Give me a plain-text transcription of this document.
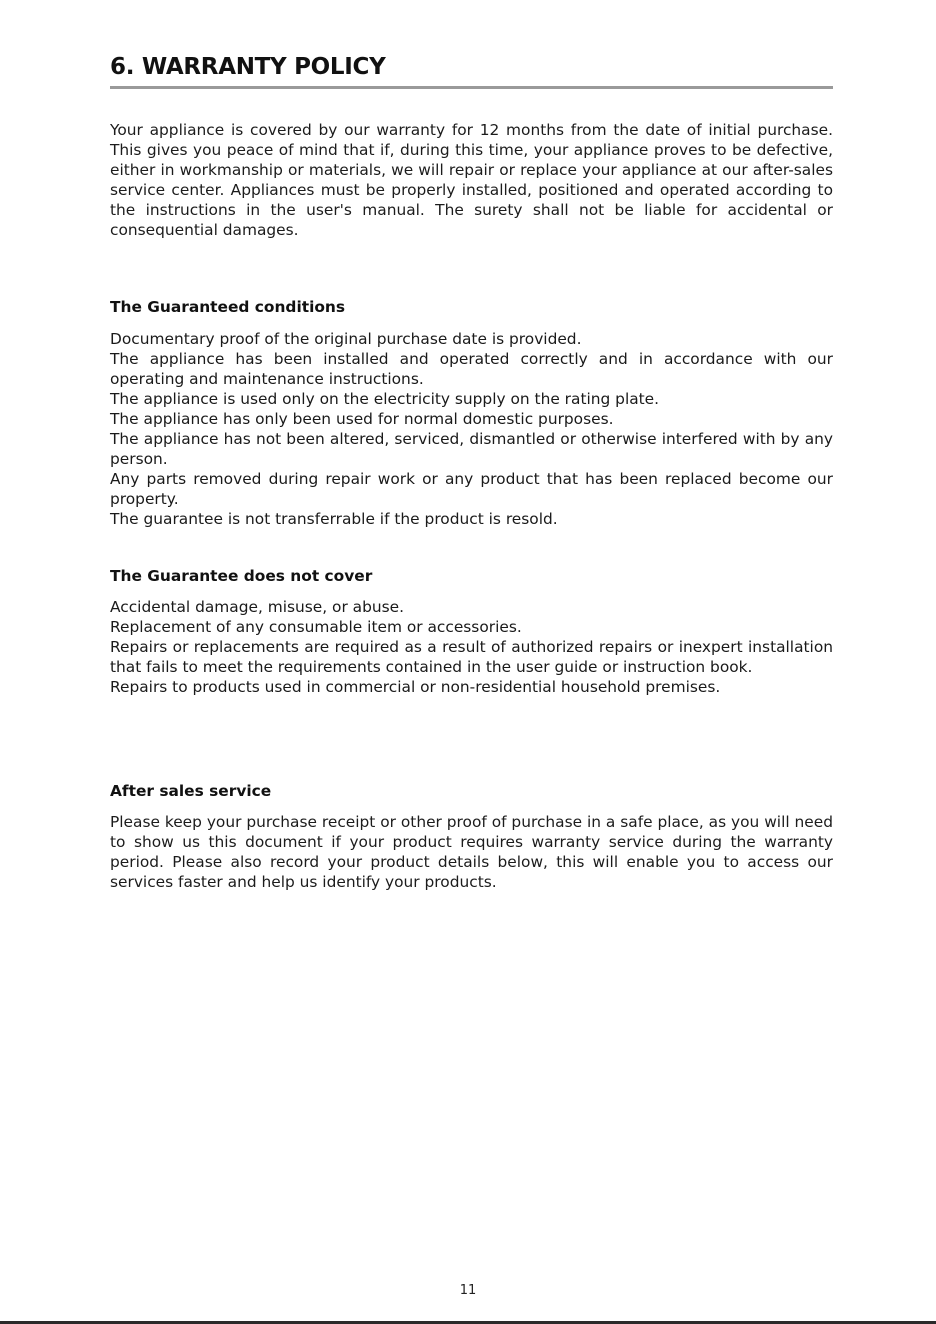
6. WARRANTY POLICY

Your appliance is covered by our warranty for 12 months from the date of initial purchase. This gives you peace of mind that if, during this time, your appliance proves to be defective, either in workmanship or materials, we will repair or replace your appliance at our after-sales service center. Appliances must be properly installed, positioned and operated according to the instructions in the user's manual. The surety shall not be liable for accidental or consequential damages.

The Guaranteed conditions
Documentary proof of the original purchase date is provided.
The appliance has been installed and operated correctly and in accordance with our operating and maintenance instructions.
The appliance is used only on the electricity supply on the rating plate.
The appliance has only been used for normal domestic purposes.
The appliance has not been altered, serviced, dismantled or otherwise interfered with by any person.
Any parts removed during repair work or any product that has been replaced become our property.
The guarantee is not transferrable if the product is resold.
The Guarantee does not cover
Accidental damage, misuse, or abuse.
Replacement of any consumable item or accessories.
Repairs or replacements are required as a result of authorized repairs or inexpert installation that fails to meet the requirements contained in the user guide or instruction book.
Repairs to products used in commercial or non-residential household premises.
After sales service

Please keep your purchase receipt or other proof of purchase in a safe place, as you will need to show us this document if your product requires warranty service during the warranty period. Please also record your product details below, this will enable you to access our services faster and help us identify your products.

11
